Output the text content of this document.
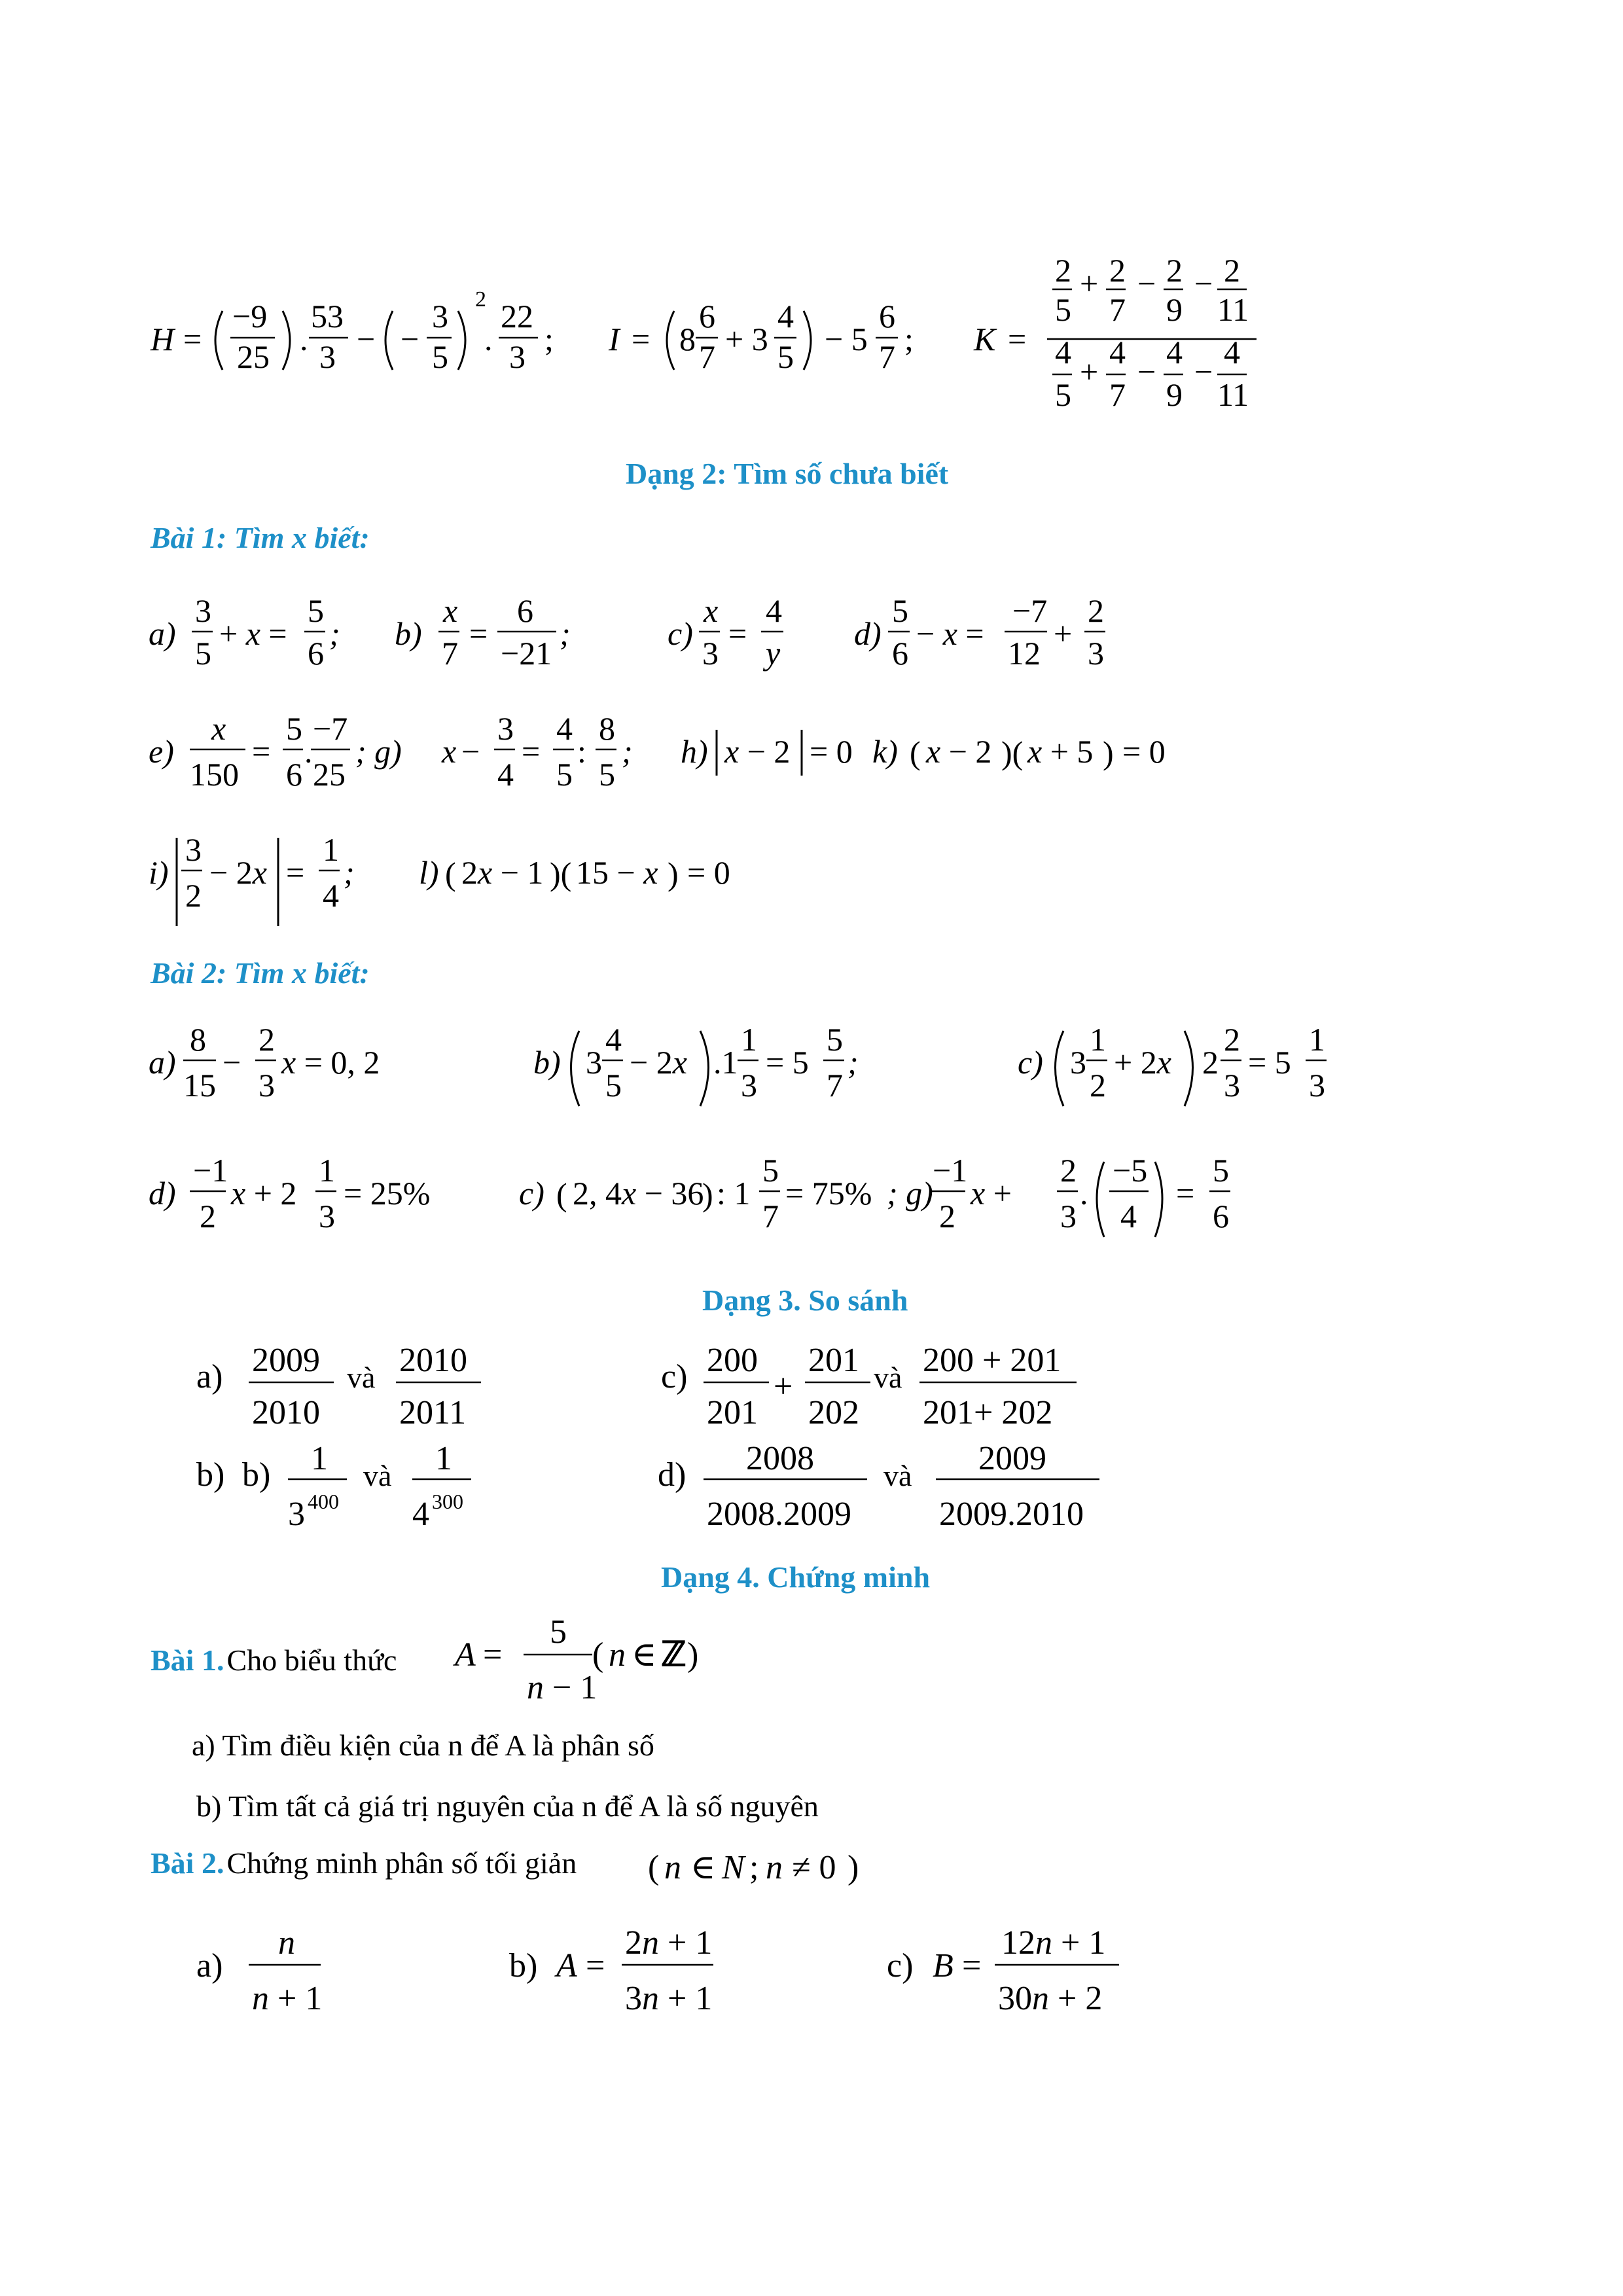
H =
−9
25 .
53
3 − −
3
5
2
.
22
3 ; I = 8
6
7 + 3
4
5 − 5
6
7 ; K =
2 + 2 − 2 − 2
5 7 9 11
4
+
4
−
4
−
4
5 7 9 11
Dạng 2: Tìm số chưa biết
Bài 1: Tìm x biết:
a)
3
5
+ x =
5
6
; b)
x
7
=
6
−21
;	c)
x
3
=
4
y
d)
5
6
− x =
−7
12
+
2
3
e)
x
150
=
5
6
.
−7
25
; g) x −
3
4
=
4
5
:
8
5
; h) x − 2 = 0 k) ( x − 2 )( x + 5 ) = 0
i)
3
2
− 2x =
1
4
; l) ( 2x − 1 )( 15 − x ) = 0
Bài 2: Tìm x biết:
a)
8
15
−
2
3
x = 0, 2	b) 3
4
5
− 2x .1
1
3
= 5
5
7
;	c) 3
1
2
+ 2x 2
2
3
= 5
1
3
d)
−1
2
x + 2
1
3
= 25%	c) ( 2, 4x − 36
) : 1
5
7
= 75% ; g)
−1
2
x +
2
3
.
−5
4
=
5
6
Dạng 3. So sánh
a) 2009
2010
và 2010
2011
c) 200
201
+
201
202
và 200 + 201
201+ 202
b) b) 1
3 400
và 1
4 300
d) 2008
2008.2009
và 2009
2009.2010
Dạng 4. Chứng minh
Bài 1. Cho biểu thức A =
5
n − 1
( n ∈ ℤ )
a) Tìm điều kiện của n để A là phân số
b) Tìm tất cả giá trị nguyên của n để A là số nguyên
Bài 2. Chứng minh phân số tối giản ( n ∈ N ; n ≠ 0 )
a)
n
n + 1
b) A =
2n + 1
3n + 1
c) B =
12n + 1
30n + 2
